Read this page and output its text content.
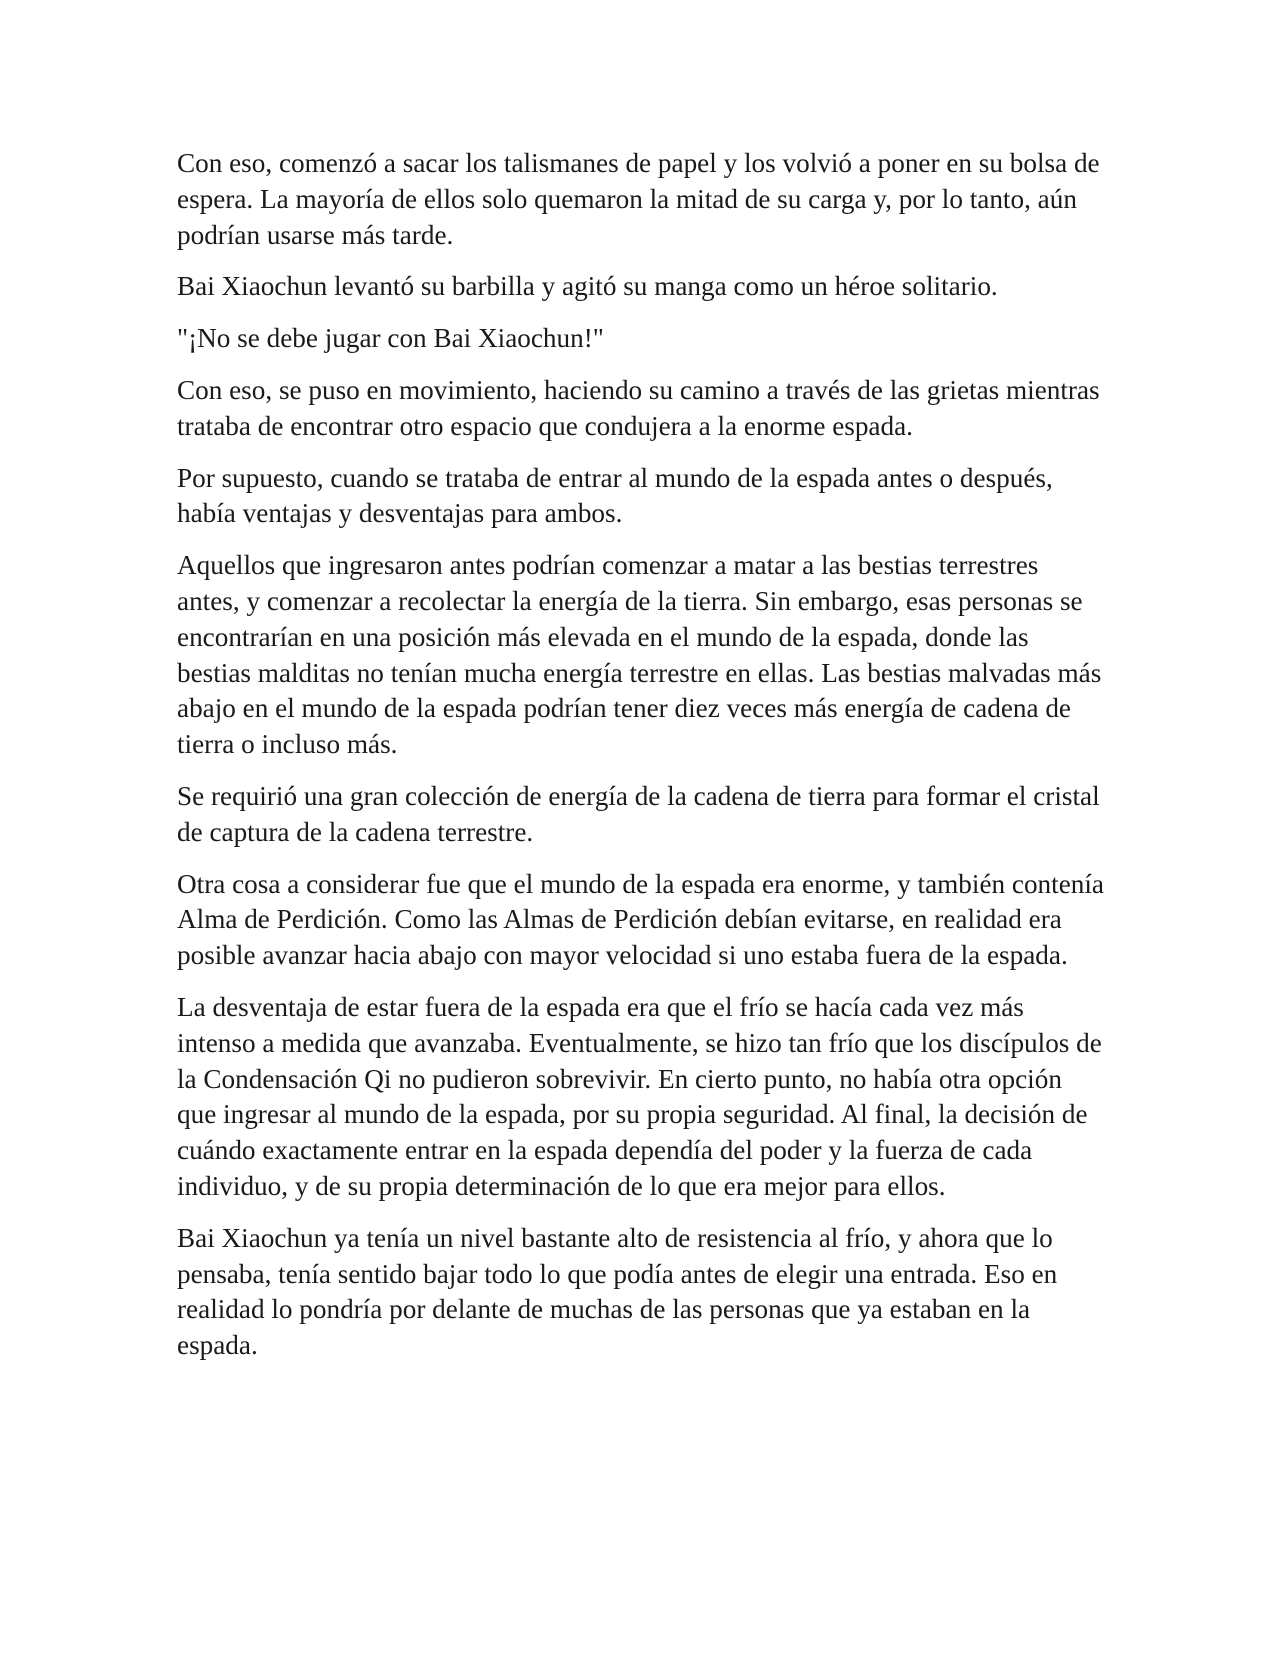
Con eso, comenzó a sacar los talismanes de papel y los volvió a poner en su bolsa de espera. La mayoría de ellos solo quemaron la mitad de su carga y, por lo tanto, aún podrían usarse más tarde.

Bai Xiaochun levantó su barbilla y agitó su manga como un héroe solitario.

"¡No se debe jugar con Bai Xiaochun!"

Con eso, se puso en movimiento, haciendo su camino a través de las grietas mientras trataba de encontrar otro espacio que condujera a la enorme espada.

Por supuesto, cuando se trataba de entrar al mundo de la espada antes o después, había ventajas y desventajas para ambos.

Aquellos que ingresaron antes podrían comenzar a matar a las bestias terrestres antes, y comenzar a recolectar la energía de la tierra. Sin embargo, esas personas se encontrarían en una posición más elevada en el mundo de la espada, donde las bestias malditas no tenían mucha energía terrestre en ellas. Las bestias malvadas más abajo en el mundo de la espada podrían tener diez veces más energía de cadena de tierra o incluso más.

Se requirió una gran colección de energía de la cadena de tierra para formar el cristal de captura de la cadena terrestre.

Otra cosa a considerar fue que el mundo de la espada era enorme, y también contenía Alma de Perdición. Como las Almas de Perdición debían evitarse, en realidad era posible avanzar hacia abajo con mayor velocidad si uno estaba fuera de la espada.

La desventaja de estar fuera de la espada era que el frío se hacía cada vez más intenso a medida que avanzaba. Eventualmente, se hizo tan frío que los discípulos de la Condensación Qi no pudieron sobrevivir. En cierto punto, no había otra opción que ingresar al mundo de la espada, por su propia seguridad. Al final, la decisión de cuándo exactamente entrar en la espada dependía del poder y la fuerza de cada individuo, y de su propia determinación de lo que era mejor para ellos.

Bai Xiaochun ya tenía un nivel bastante alto de resistencia al frío, y ahora que lo pensaba, tenía sentido bajar todo lo que podía antes de elegir una entrada. Eso en realidad lo pondría por delante de muchas de las personas que ya estaban en la espada.
